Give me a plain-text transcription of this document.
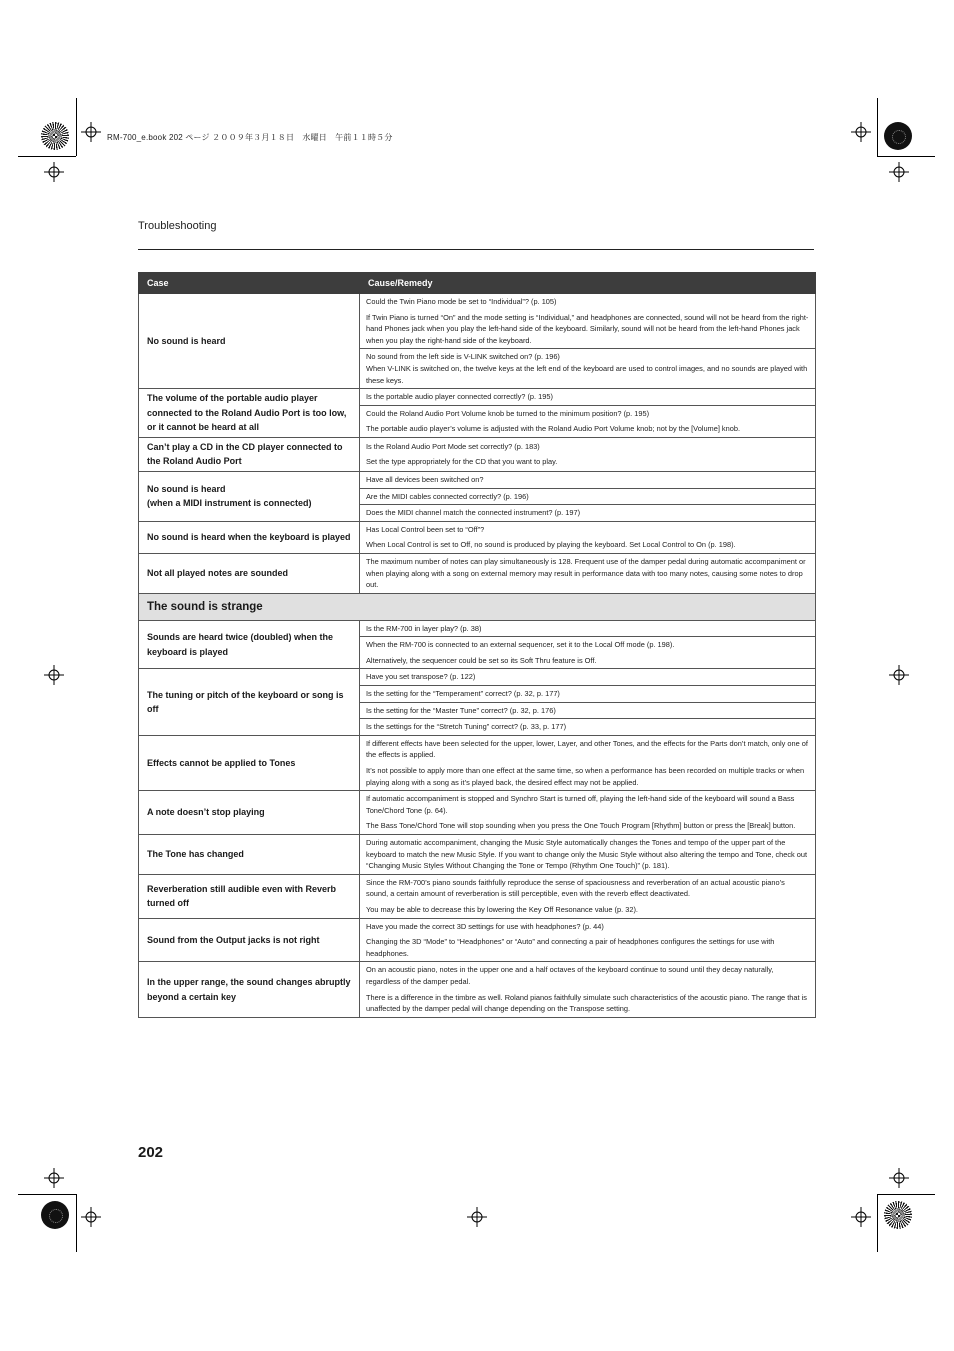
RM-700_e.book 202 ページ ２００９年３月１８日　水曜日　午前１１時５分
Troubleshooting
Case	Cause/Remedy
No sound is heard	Could the Twin Piano mode be set to “Individual”? (p. 105)

If Twin Piano is turned “On” and the mode setting is “Individual,” and headphones are connected, sound will not be heard from the right-hand Phones jack when you play the left-hand side of the keyboard. Similarly, sound will not be heard from the left-hand Phones jack when you play the right-hand side of the keyboard.

	No sound from the left side is V-LINK switched on? (p. 196)
When V-LINK is switched on, the twelve keys at the left end of the keyboard are used to control images, and no sounds are played with these keys.

The volume of the portable audio player connected to the Roland Audio Port is too low, or it cannot be heard at all	Is the portable audio player connected correctly? (p. 195)

	Could the Roland Audio Port Volume knob be turned to the minimum position? (p. 195)

The portable audio player’s volume is adjusted with the Roland Audio Port Volume knob; not by the [Volume] knob.

Can’t play a CD in the CD player connected to the Roland Audio Port	Is the Roland Audio Port Mode set correctly? (p. 183)

Set the type appropriately for the CD that you want to play.

No sound is heard
(when a MIDI instrument is connected)	Have all devices been switched on?

	Are the MIDI cables connected correctly? (p. 196)

	Does the MIDI channel match the connected instrument? (p. 197)

No sound is heard when the keyboard is played	Has Local Control been set to “Off”?

When Local Control is set to Off, no sound is produced by playing the keyboard. Set Local Control to On (p. 198).

Not all played notes are sounded	The maximum number of notes can play simultaneously is 128. Frequent use of the damper pedal during automatic accompaniment or when playing along with a song on external memory may result in performance data with too many notes, causing some notes to drop out.

The sound is strange	
Sounds are heard twice (doubled) when the keyboard is played	Is the RM-700 in layer play? (p. 38)

	When the RM-700 is connected to an external sequencer, set it to the Local Off mode (p. 198).

Alternatively, the sequencer could be set so its Soft Thru feature is Off.

The tuning or pitch of the keyboard or song is off	Have you set transpose? (p. 122)

	Is the setting for the “Temperament” correct? (p. 32, p. 177)

	Is the setting for the “Master Tune” correct? (p. 32, p. 176)

	Is the settings for the “Stretch Tuning” correct? (p. 33, p. 177)

Effects cannot be applied to Tones	If different effects have been selected for the upper, lower, Layer, and other Tones, and the effects for the Parts don’t match, only one of the effects is applied.

It’s not possible to apply more than one effect at the same time, so when a performance has been recorded on multiple tracks or when playing along with a song as it’s played back, the desired effect may not be applied.

A note doesn’t stop playing	If automatic accompaniment is stopped and Synchro Start is turned off, playing the left-hand side of the keyboard will sound a Bass Tone/Chord Tone (p. 64).

The Bass Tone/Chord Tone will stop sounding when you press the One Touch Program [Rhythm] button or press the [Break] button.

The Tone has changed	During automatic accompaniment, changing the Music Style automatically changes the Tones and tempo of the upper part of the keyboard to match the new Music Style. If you want to change only the Music Style without also altering the tempo and Tone, check out “Changing Music Styles Without Changing the Tone or Tempo (Rhythm One Touch)” (p. 181).

Reverberation still audible even with Reverb turned off	Since the RM-700’s piano sounds faithfully reproduce the sense of spaciousness and reverberation of an actual acoustic piano’s sound, a certain amount of reverberation is still perceptible, even with the reverb effect deactivated.

You may be able to decrease this by lowering the Key Off Resonance value (p. 32).

Sound from the Output jacks is not right	Have you made the correct 3D settings for use with headphones? (p. 44)

Changing the 3D “Mode” to “Headphones” or “Auto” and connecting a pair of headphones configures the settings for use with headphones.

In the upper range, the sound changes abruptly beyond a certain key	On an acoustic piano, notes in the upper one and a half octaves of the keyboard continue to sound until they decay naturally, regardless of the damper pedal.

There is a difference in the timbre as well. Roland pianos faithfully simulate such characteristics of the acoustic piano. The range that is unaffected by the damper pedal will change depending on the Transpose setting.

202
